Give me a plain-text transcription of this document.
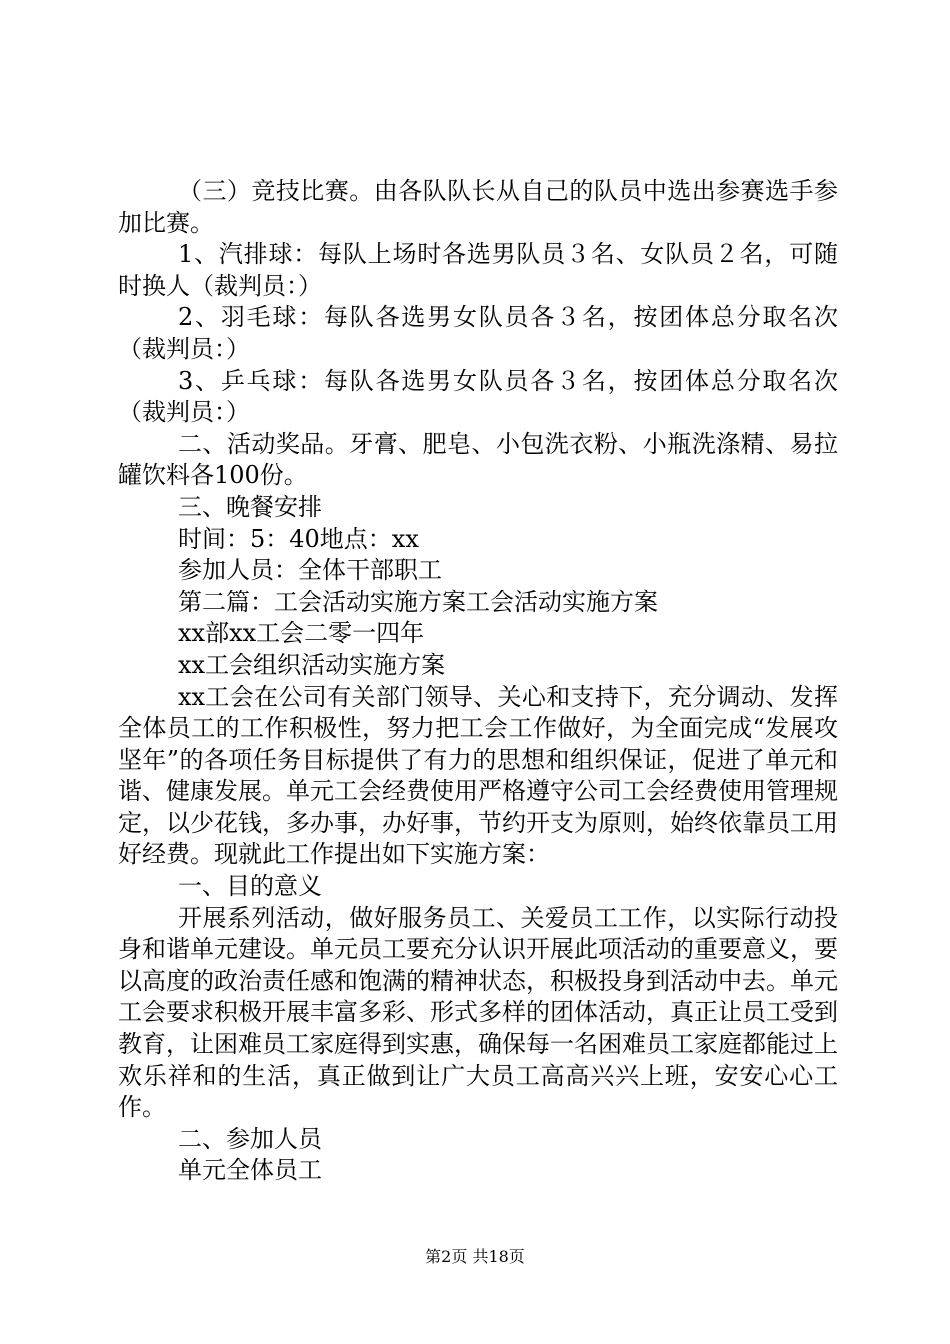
（三）竞技比赛。由各队队长从自己的队员中选出参赛选手参加比赛。

1、汽排球：每队上场时各选男队员３名、女队员２名，可随时换人（裁判员：）

2、羽毛球：每队各选男女队员各３名，按团体总分取名次（裁判员：）

3、乒乓球：每队各选男女队员各３名，按团体总分取名次（裁判员：）

二、活动奖品。牙膏、肥皂、小包洗衣粉、小瓶洗涤精、易拉罐饮料各100份。

三、晚餐安排

时间：5：40地点：xx

参加人员：全体干部职工

第二篇：工会活动实施方案工会活动实施方案

xx部xx工会二零一四年

xx工会组织活动实施方案

xx工会在公司有关部门领导、关心和支持下，充分调动、发挥全体员工的工作积极性，努力把工会工作做好，为全面完成“发展攻坚年”的各项任务目标提供了有力的思想和组织保证，促进了单元和谐、健康发展。单元工会经费使用严格遵守公司工会经费使用管理规定，以少花钱，多办事，办好事，节约开支为原则，始终依靠员工用好经费。现就此工作提出如下实施方案：

一、目的意义

开展系列活动，做好服务员工、关爱员工工作，以实际行动投身和谐单元建设。单元员工要充分认识开展此项活动的重要意义，要以高度的政治责任感和饱满的精神状态，积极投身到活动中去。单元工会要求积极开展丰富多彩、形式多样的团体活动，真正让员工受到教育，让困难员工家庭得到实惠，确保每一名困难员工家庭都能过上欢乐祥和的生活，真正做到让广大员工高高兴兴上班，安安心心工作。

二、参加人员

单元全体员工

第2页 共18页
